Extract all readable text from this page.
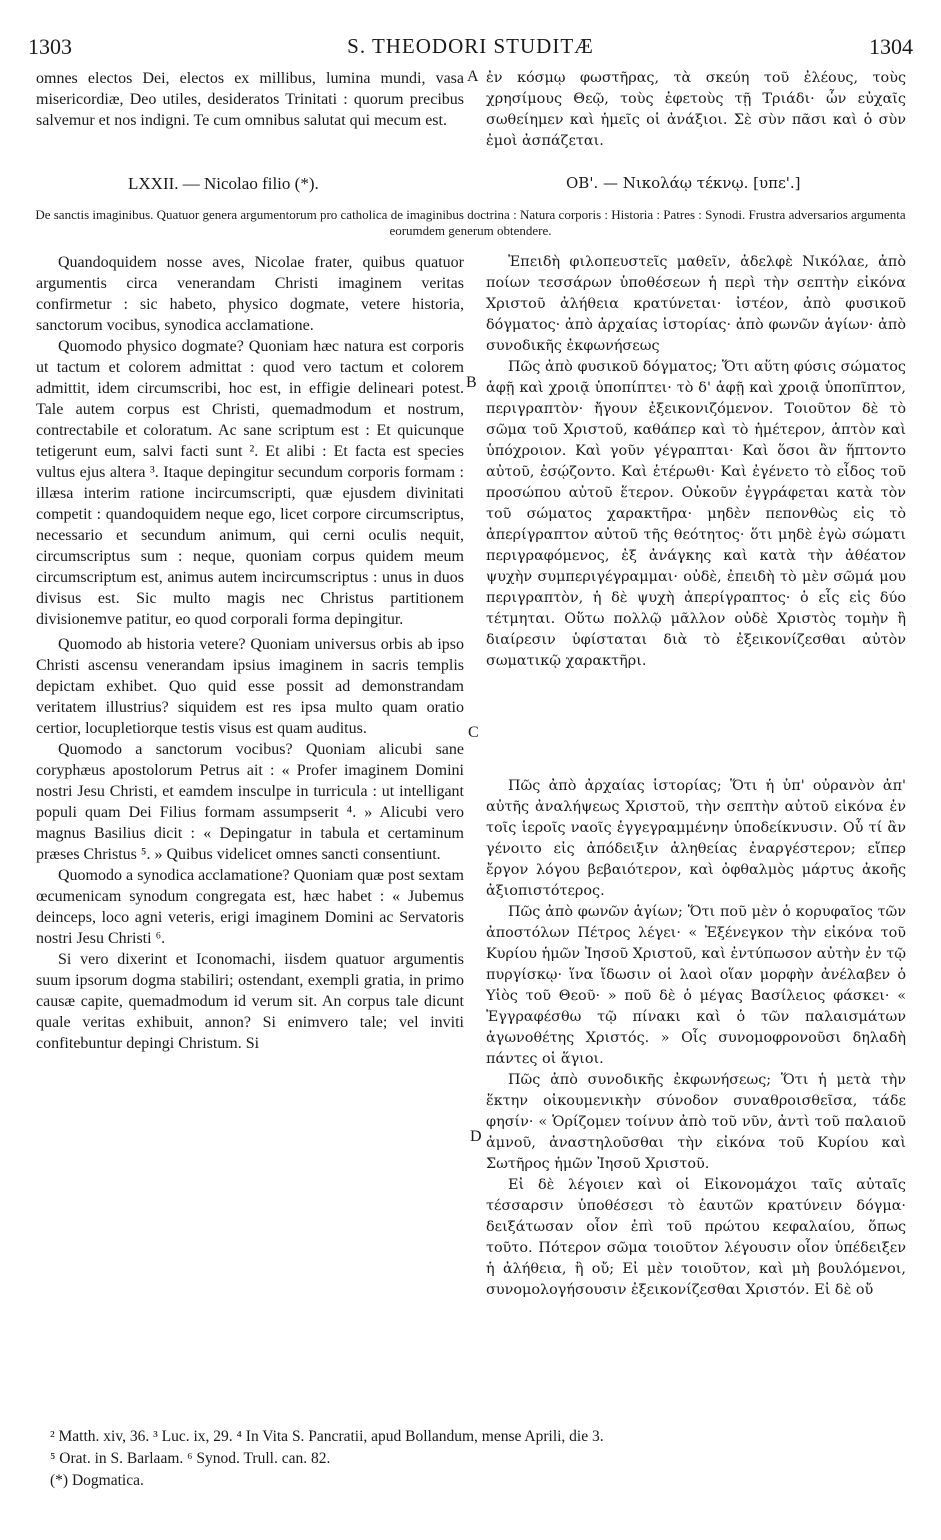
1303	S. THEODORI STUDITÆ	1304

omnes electos Dei, electos ex millibus, lumina mundi, vasa misericordiæ, Deo utiles, desideratos Trinitati : quorum precibus salvemur et nos indigni. Te cum omnibus salutat qui mecum est.

ἐν κόσμῳ φωστῆρας, τὰ σκεύη τοῦ ἐλέους, τοὺς χρησίμους Θεῷ, τοὺς ἐφετοὺς τῇ Τριάδι· ὧν εὐχαῖς σωθείημεν καὶ ἡμεῖς οἱ ἀνάξιοι. Σὲ σὺν πᾶσι καὶ ὁ σὺν ἐμοὶ ἀσπάζεται.

A
LXXII. — Nicolao filio (*).	ΟΒ'. — Νικολάῳ τέκνῳ. [υπε'.]
De sanctis imaginibus. Quatuor genera argumentorum pro catholica de imaginibus doctrina : Natura corporis : Historia : Patres : Synodi. Frustra adversarios argumenta eorumdem generum obtendere.

Quandoquidem nosse aves, Nicolae frater, quibus quatuor argumentis circa venerandam Christi imaginem veritas confirmetur : sic habeto, physico dogmate, vetere historia, sanctorum vocibus, synodica acclamatione.

Quomodo physico dogmate? Quoniam hæc natura est corporis ut tactum et colorem admittat : quod vero tactum et colorem admittit, idem circumscribi, hoc est, in effigie delineari potest. Tale autem corpus est Christi, quemadmodum et nostrum, contrectabile et coloratum. Ac sane scriptum est : Et quicunque tetigerunt eum, salvi facti sunt ². Et alibi : Et facta est species vultus ejus altera ³. Itaque depingitur secundum corporis formam : illæsa interim ratione incircumscripti, quæ ejusdem divinitati competit : quandoquidem neque ego, licet corpore circumscriptus, necessario et secundum animum, qui cerni oculis nequit, circumscriptus sum : neque, quoniam corpus quidem meum circumscriptum est, animus autem incircumscriptus : unus in duos divisus est. Sic multo magis nec Christus partitionem divisionemve patitur, eo quod corporali forma depingitur.

Quomodo ab historia vetere? Quoniam universus orbis ab ipso Christi ascensu venerandam ipsius imaginem in sacris templis depictam exhibet. Quo quid esse possit ad demonstrandam veritatem illustrius? siquidem est res ipsa multo quam oratio certior, locupletiorque testis visus est quam auditus.

Quomodo a sanctorum vocibus? Quoniam alicubi sane coryphæus apostolorum Petrus ait : « Profer imaginem Domini nostri Jesu Christi, et eamdem insculpe in turricula : ut intelligant populi quam Dei Filius formam assumpserit ⁴. » Alicubi vero magnus Basilius dicit : « Depingatur in tabula et certaminum præses Christus ⁵. » Quibus videlicet omnes sancti consentiunt.

Quomodo a synodica acclamatione? Quoniam quæ post sextam œcumenicam synodum congregata est, hæc habet : « Jubemus deinceps, loco agni veteris, erigi imaginem Domini ac Servatoris nostri Jesu Christi ⁶.

Si vero dixerint et Iconomachi, iisdem quatuor argumentis suum ipsorum dogma stabiliri; ostendant, exempli gratia, in primo causæ capite, quemadmodum id verum sit. An corpus tale dicunt quale veritas exhibuit, annon? Si enimvero tale; vel inviti confitebuntur depingi Christum. Si

Ἐπειδὴ φιλοπευστεῖς μαθεῖν, ἀδελφὲ Νικόλαε, ἀπὸ ποίων τεσσάρων ὑποθέσεων ἡ περὶ τὴν σεπτὴν εἰκόνα Χριστοῦ ἀλήθεια κρατύνεται· ἰστέον, ἀπὸ φυσικοῦ δόγματος· ἀπὸ ἀρχαίας ἱστορίας· ἀπὸ φωνῶν ἁγίων· ἀπὸ συνοδικῆς ἐκφωνήσεως

Πῶς ἀπὸ φυσικοῦ δόγματος; Ὅτι αὕτη φύσις σώματος ἁφῇ καὶ χροιᾷ ὑποπίπτει· τὸ δ' ἁφῇ καὶ χροιᾷ ὑποπῖπτον, περιγραπτὸν· ἤγουν ἐξεικονιζόμενον. Τοιοῦτον δὲ τὸ σῶμα τοῦ Χριστοῦ, καθάπερ καὶ τὸ ἡμέτερον, ἁπτὸν καὶ ὑπόχροιον. Καὶ γοῦν γέγραπται· Καὶ ὅσοι ἂν ἥπτοντο αὐτοῦ, ἐσῴζοντο. Καὶ ἑτέρωθι· Καὶ ἐγένετο τὸ εἶδος τοῦ προσώπου αὐτοῦ ἕτερον. Οὐκοῦν ἐγγράφεται κατὰ τὸν τοῦ σώματος χαρακτῆρα· μηδὲν πεπονθὼς εἰς τὸ ἀπερίγραπτον αὐτοῦ τῆς θεότητος· ὅτι μηδὲ ἐγὼ σώματι περιγραφόμενος, ἐξ ἀνάγκης καὶ κατὰ τὴν ἀθέατον ψυχὴν συμπεριγέγραμμαι· οὐδὲ, ἐπειδὴ τὸ μὲν σῶμά μου περιγραπτὸν, ἡ δὲ ψυχὴ ἀπερίγραπτος· ὁ εἷς εἰς δύο τέτμηται. Οὕτω πολλῷ μᾶλλον οὐδὲ Χριστὸς τομὴν ἢ διαίρεσιν ὑφίσταται διὰ τὸ ἐξεικονίζεσθαι αὐτὸν σωματικῷ χαρακτῆρι.

Πῶς ἀπὸ ἀρχαίας ἱστορίας; Ὅτι ἡ ὑπ' οὐρανὸν ἀπ' αὐτῆς ἀναλήψεως Χριστοῦ, τὴν σεπτὴν αὐτοῦ εἰκόνα ἐν τοῖς ἱεροῖς ναοῖς ἐγγεγραμμένην ὑποδείκνυσιν. Οὗ τί ἂν γένοιτο εἰς ἀπόδειξιν ἀληθείας ἐναργέστερον; εἴπερ ἔργον λόγου βεβαιότερον, καὶ ὀφθαλμὸς μάρτυς ἀκοῆς ἀξιοπιστότερος.

Πῶς ἀπὸ φωνῶν ἁγίων; Ὅτι ποῦ μὲν ὁ κορυφαῖος τῶν ἀποστόλων Πέτρος λέγει· « Ἐξένεγκον τὴν εἰκόνα τοῦ Κυρίου ἡμῶν Ἰησοῦ Χριστοῦ, καὶ ἐντύπωσον αὐτὴν ἐν τῷ πυργίσκῳ· ἵνα ἴδωσιν οἱ λαοὶ οἵαν μορφὴν ἀνέλαβεν ὁ Υἱὸς τοῦ Θεοῦ· » ποῦ δὲ ὁ μέγας Βασίλειος φάσκει· « Ἐγγραφέσθω τῷ πίνακι καὶ ὁ τῶν παλαισμάτων ἀγωνοθέτης Χριστός. » Οἷς συνομοφρονοῦσι δηλαδὴ πάντες οἱ ἅγιοι.

Πῶς ἀπὸ συνοδικῆς ἐκφωνήσεως; Ὅτι ἡ μετὰ τὴν ἕκτην οἰκουμενικὴν σύνοδον συναθροισθεῖσα, τάδε φησίν· « Ὁρίζομεν τοίνυν ἀπὸ τοῦ νῦν, ἀντὶ τοῦ παλαιοῦ ἀμνοῦ, ἀναστηλοῦσθαι τὴν εἰκόνα τοῦ Κυρίου καὶ Σωτῆρος ἡμῶν Ἰησοῦ Χριστοῦ.

Εἰ δὲ λέγοιεν καὶ οἱ Εἰκονομάχοι ταῖς αὐταῖς τέσσαρσιν ὑποθέσεσι τὸ ἑαυτῶν κρατύνειν δόγμα· δειξάτωσαν οἷον ἐπὶ τοῦ πρώτου κεφαλαίου, ὅπως τοῦτο. Πότερον σῶμα τοιοῦτον λέγουσιν οἷον ὑπέδειξεν ἡ ἀλήθεια, ἢ οὔ; Εἰ μὲν τοιοῦτον, καὶ μὴ βουλόμενοι, συνομολογήσουσιν ἐξεικονίζεσθαι Χριστόν. Εἰ δὲ οὔ

B
C
D

² Matth. xiv, 36. ³ Luc. ix, 29. ⁴ In Vita S. Pancratii, apud Bollandum, mense Aprili, die 3.

⁵ Orat. in S. Barlaam. ⁶ Synod. Trull. can. 82.

(*) Dogmatica.
